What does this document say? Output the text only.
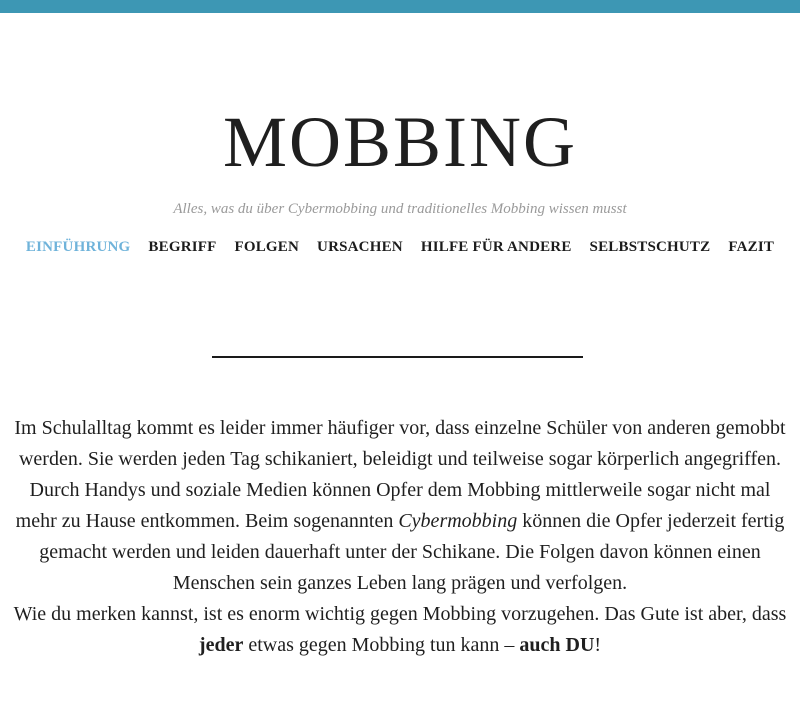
MOBBING
Alles, was du über Cybermobbing und traditionelles Mobbing wissen musst
EINFÜHRUNG BEGRIFF FOLGEN URSACHEN HILFE FÜR ANDERE SELBSTSCHUTZ FAZIT

Im Schulalltag kommt es leider immer häufiger vor, dass einzelne Schüler von anderen gemobbt werden. Sie werden jeden Tag schikaniert, beleidigt und teilweise sogar körperlich angegriffen. Durch Handys und soziale Medien können Opfer dem Mobbing mittlerweile sogar nicht mal mehr zu Hause entkommen. Beim sogenannten Cybermobbing können die Opfer jederzeit fertig gemacht werden und leiden dauerhaft unter der Schikane. Die Folgen davon können einen Menschen sein ganzes Leben lang prägen und verfolgen.

Wie du merken kannst, ist es enorm wichtig gegen Mobbing vorzugehen. Das Gute ist aber, dass jeder etwas gegen Mobbing tun kann – auch DU!
